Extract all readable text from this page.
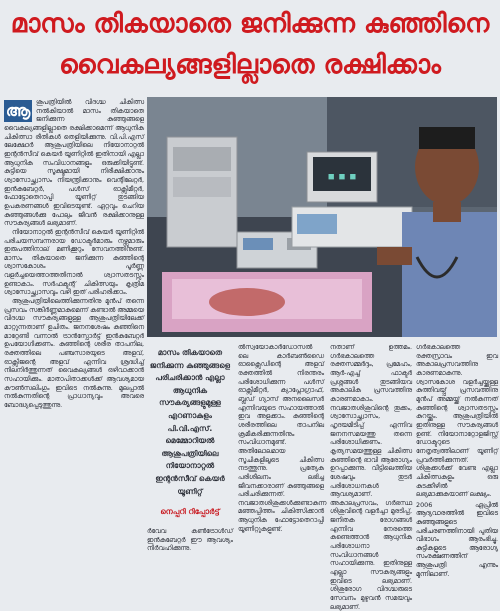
മാസം തികയാതെ ജനിക്കുന്ന കുഞ്ഞിനെ
വൈകല്യങ്ങളില്ലാതെ രക്ഷിക്കാം
ആ ശുപത്രിയിൽ വിദഗ്ദ്ധ ചികിത്സ നൽകിയാൽ മാസം തികയാതെ ജനിക്കുന്ന കുഞ്ഞുങ്ങളെ വൈകല്യങ്ങളില്ലാതെ രക്ഷിക്കാമെന്ന് ആധുനിക ചികിത്സാ രീതികൾ തെളിയിക്കുന്നു. വി.പി.എസ് ലേക്ഷോർ ആശുപത്രിയിലെ നിയോനാറ്റൽ ഇന്റൻസീവ് കെയർ യൂണിറ്റിൽ ഇതിനായി എല്ലാ ആധുനിക സംവിധാനങ്ങളും ഒരുക്കിയിട്ടുണ്ട്. കുട്ടിയെ സൂക്ഷ്മമായി നിരീക്ഷിക്കാനും ശ്വാസോച്ഛ്വാസം നിയന്ത്രിക്കാനും വെന്റിലേറ്റർ, ഇൻകുബേറ്റർ, പൾസ് ഓക്സിമീറ്റർ, ഫോട്ടോതെറാപ്പി യൂണിറ്റ് തുടങ്ങിയ ഉപകരണങ്ങൾ ഇവിടെയുണ്ട്. ഏറ്റവും ചെറിയ കുഞ്ഞുങ്ങൾക്കു പോലും ജീവൻ രക്ഷിക്കാനുള്ള സൗകര്യങ്ങൾ ലഭ്യമാണ്.

നിയോനാറ്റൽ ഇന്റൻസീവ് കെയർ യൂണിറ്റിൽ പരിചയസമ്പന്നരായ ഡോക്ടർമാരും നഴ്സുമാരും ഇരുപത്തിനാല് മണിക്കൂറും സേവനത്തിനുണ്ട്. മാസം തികയാതെ ജനിക്കുന്ന കുഞ്ഞിന്റെ ശ്വാസകോശം പൂർണ്ണ വളർച്ചയെത്താത്തതിനാൽ ശ്വാസതടസ്സം ഉണ്ടാകാം. സർഫക്ടന്റ് ചികിത്സയും കൃത്രിമ ശ്വാസോച്ഛ്വാസവും വഴി ഇത് പരിഹരിക്കാം.

ആശുപത്രിയിലെത്തിക്കുന്നതിനു മുൻപ് തന്നെ പ്രസവം സങ്കീർണ്ണമാകുമെന്ന് കണ്ടാൽ അമ്മയെ വിദഗ്ദ്ധ സൗകര്യങ്ങളുള്ള ആശുപത്രിയിലേക്ക് മാറ്റുന്നതാണ് ഉചിതം. ജനനശേഷം കുഞ്ഞിനെ മാറ്റേണ്ടി വന്നാൽ ട്രാൻസ്പോർട്ട് ഇൻകുബേറ്റർ ഉപയോഗിക്കണം. കുഞ്ഞിന്റെ ശരീര താപനില, രക്തത്തിലെ പഞ്ചസാരയുടെ അളവ്, ഓക്സിജന്റെ അളവ് എന്നിവ ശ്രദ്ധിച്ച് നിലനിർത്തുന്നത് വൈകല്യങ്ങൾ ഒഴിവാക്കാൻ സഹായിക്കും. മാതാപിതാക്കൾക്ക് ആവശ്യമായ കൗൺസലിംഗും ഇവിടെ നൽകുന്നു. മുലപ്പാൽ നൽകുന്നതിന്റെ പ്രാധാന്യവും അവരെ ബോദ്ധ്യപ്പെടുത്തുന്നു.

■ ■ ■

മാസം തികയാതെ ജനിക്കുന്ന കുഞ്ഞുങ്ങളെ പരിചരിക്കാൻ എല്ലാ ആധുനിക സൗകര്യങ്ങളുമുള്ള എറണാകുളം പി.വി.എസ്. മെമ്മോറിയൽ ആശുപത്രിയിലെ നിയോനാറ്റൽ ഇന്റൻസീവ് കെയർ യൂണിറ്റ്

നെപ്പറി റിപ്പോർട്ട്

ർവേവ കൺട്രോൾഡ് ഇൻകുബേറ്റർ ഈ ആവശ്യം നിർവഹിക്കുന്നു.

ൽസ്വയോകാർഡോസൽ ലെ കാർബൺഡൈ ഓക്സൈഡിന്റെ അളവ് രക്തത്തിൽ നിരന്തരം പരിശോധിക്കുന്ന പൾസ് ഓക്സിമീറ്റർ, ക്യാപ്നോഗ്രാഫ്, ബ്ലഡ് ഗ്യാസ് അനലൈസർ എന്നിവയുടെ സഹായത്താൽ ഇവ അളക്കാം. കുഞ്ഞിന്റെ ശരീരത്തിലെ താപനില ക്രമീകരിക്കുന്നതിനും സംവിധാനമുണ്ട്. അതിലോലമായ സൂചികളിലൂടെ ചികിത്സ നടത്തുന്നു. പ്രത്യേക പരിശീലനം ലഭിച്ച ജീവനക്കാരാണ് കുഞ്ഞുങ്ങളെ പരിചരിക്കുന്നത്. നവജാതശിശുക്കൾക്കുണ്ടാകുന്ന മഞ്ഞപ്പിത്തം ചികിത്സിക്കാൻ ആധുനിക ഫോട്ടോതെറാപ്പി യൂണിറ്റുകളുണ്ട്.

നതാണ് ഉത്തമം. ഗർഭകാലത്തെ രക്തസമ്മർദ്ദം, പ്രമേഹം, ആർ-എച്ച് ഫാക്ടർ പ്രശ്നങ്ങൾ തുടങ്ങിയവ അകാലിക പ്രസവത്തിനു കാരണമാകാം. നവജാതശിശുവിന്റെ തൂക്കം, ശ്വാസോച്ഛ്വാസം, ഹൃദയമിടിപ്പ് എന്നിവ ജനനസമയത്തു തന്നെ പരിശോധിക്കണം. കൃത്യസമയത്തുള്ള ചികിത്സ കുഞ്ഞിന്റെ ഭാവി ആരോഗ്യം ഉറപ്പാക്കുന്നു. വീട്ടിലെത്തിയ ശേഷവും തുടർ പരിശോധനകൾ ആവശ്യമാണ്. അകാലപ്രസവം, ഗർഭസ്ഥ ശിശുവിന്റെ വളർച്ചാ മുരടിപ്പ്, ജനിതക രോഗങ്ങൾ എന്നിവ നേരത്തെ കണ്ടെത്താൻ ആധുനിക പരിശോധനാ സംവിധാനങ്ങൾ സഹായിക്കുന്നു. ഇതിനുള്ള എല്ലാ സൗകര്യങ്ങളും ഇവിടെ ലഭ്യമാണ്. ശിശുരോഗ വിദഗ്ദ്ധരുടെ സേവനം മുഴുവൻ സമയവും ലഭ്യമാണ്.

ഗർഭകാലത്തെ രക്തസ്രാവം ഇവ അകാലപ്രസവത്തിനു കാരണമാകുന്നു. ശ്വാസകോശ വളർച്ചയ്ക്കുള്ള കുത്തിവയ്പ്പ് പ്രസവത്തിനു മുൻപ് അമ്മയ്ക്ക് നൽകുന്നത് കുഞ്ഞിന്റെ ശ്വാസതടസ്സം കുറയ്ക്കും. ആശുപത്രിയിൽ ഇതിനുള്ള സൗകര്യങ്ങൾ ഉണ്ട്. നിയോനാറ്റോളജിസ്റ്റ് ഡോക്ടറുടെ നേതൃത്വത്തിലാണ് യൂണിറ്റ് പ്രവർത്തിക്കുന്നത്. ശിശുക്കൾക്ക് വേണ്ട എല്ലാ ചികിത്സകളും ഒരു കുടക്കീഴിൽ ലഭ്യമാക്കുകയാണ് ലക്ഷ്യം.

2006 ഏപ്രിൽ ആദ്യവാരത്തിൽ ഇവിടെ കുഞ്ഞുങ്ങളുടെ പരിചരണത്തിനായി പുതിയ വിഭാഗം ആരംഭിച്ചു. കുട്ടികളുടെ ആരോഗ്യ സംരക്ഷണത്തിന് ആശുപത്രി എന്നും മുന്നിലാണ്.
